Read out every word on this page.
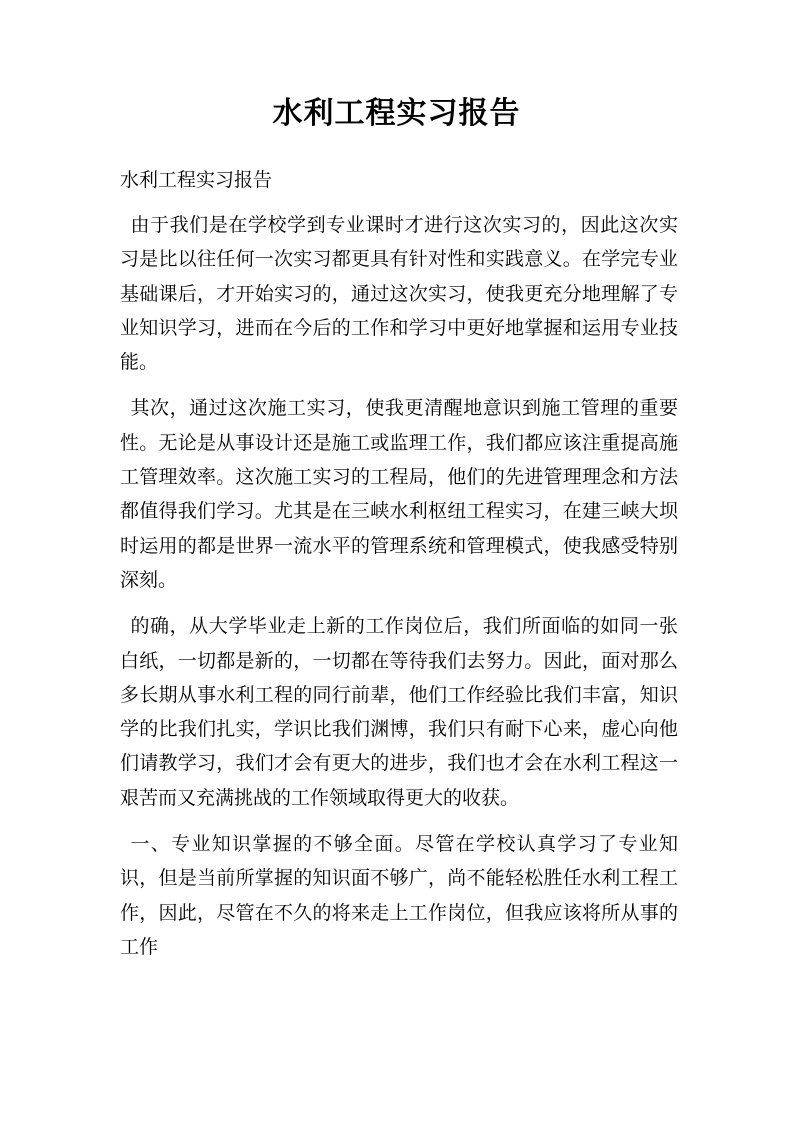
水利工程实习报告
水利工程实习报告

由于我们是在学校学到专业课时才进行这次实习的，因此这次实习是比以往任何一次实习都更具有针对性和实践意义。在学完专业基础课后，才开始实习的，通过这次实习，使我更充分地理解了专业知识学习，进而在今后的工作和学习中更好地掌握和运用专业技能。

其次，通过这次施工实习，使我更清醒地意识到施工管理的重要性。无论是从事设计还是施工或监理工作，我们都应该注重提高施工管理效率。这次施工实习的工程局，他们的先进管理理念和方法都值得我们学习。尤其是在三峡水利枢纽工程实习，在建三峡大坝时运用的都是世界一流水平的管理系统和管理模式，使我感受特别深刻。

的确，从大学毕业走上新的工作岗位后，我们所面临的如同一张白纸，一切都是新的，一切都在等待我们去努力。因此，面对那么多长期从事水利工程的同行前辈，他们工作经验比我们丰富，知识学的比我们扎实，学识比我们渊博，我们只有耐下心来，虚心向他们请教学习，我们才会有更大的进步，我们也才会在水利工程这一艰苦而又充满挑战的工作领域取得更大的收获。

一、专业知识掌握的不够全面。尽管在学校认真学习了专业知识，但是当前所掌握的知识面不够广，尚不能轻松胜任水利工程工作，因此，尽管在不久的将来走上工作岗位，但我应该将所从事的工作
